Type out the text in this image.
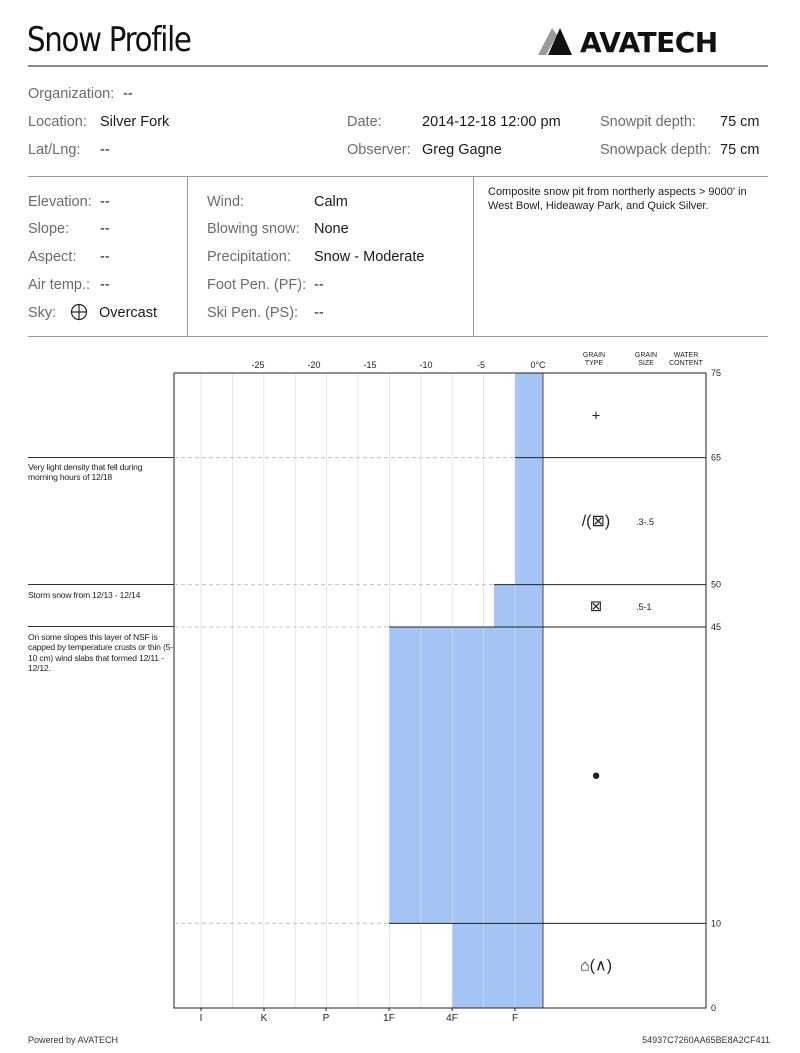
Snow Profile	AVATECH
Organization: --
Location: Silver Fork	Date:	2014-12-18 12:00 pm	Snowpit depth: 75 cm
Lat/Lng: --	Observer: Greg Gagne	Snowpack depth: 75 cm
Elevation: --
Slope: --
Aspect: --
Air temp.: --
Sky:	Overcast
Wind:	Calm
Blowing snow: None
Precipitation: Snow - Moderate
Foot Pen. (PF): --
Ski Pen. (PS): --
Composite snow pit from northerly aspects > 9000' in West Bowl, Hideaway Park, and Quick Silver.
Very light density that fell during morning hours of 12/18
Storm snow from 12/13 - 12/14
On some slopes this layer of NSF is capped by temperature crusts or thin (5-10 cm) wind slabs that formed 12/11 - 12/12.
75
65
50
45
10
0
-25	-20	-15	-10	-5	0°C
I	K	P	1F	4F	F
GRAIN
TYPE
GRAIN
SIZE
WATER
CONTENT
+
/(⊠)	.3-.5
⊠	.5-1
●
⌂(∧)
Powered by AVATECH	54937C7260AA65BE8A2CF411
